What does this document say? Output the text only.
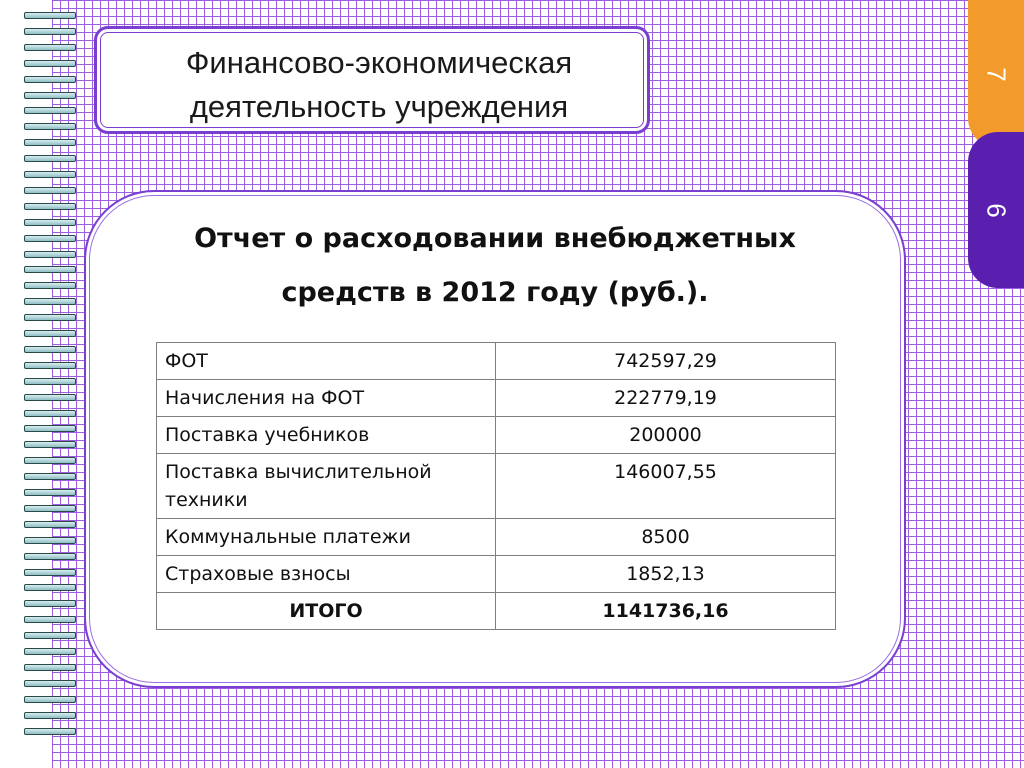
7
6
Финансово-экономическая
деятельность учреждения
Отчет о расходовании внебюджетных
средств в 2012 году (руб.).
ФОТ	742597,29
Начисления на ФОТ	222779,19
Поставка учебников	200000
Поставка вычислительной
техники	146007,55
Коммунальные платежи	8500
Страховые взносы	1852,13
ИТОГО	1141736,16
